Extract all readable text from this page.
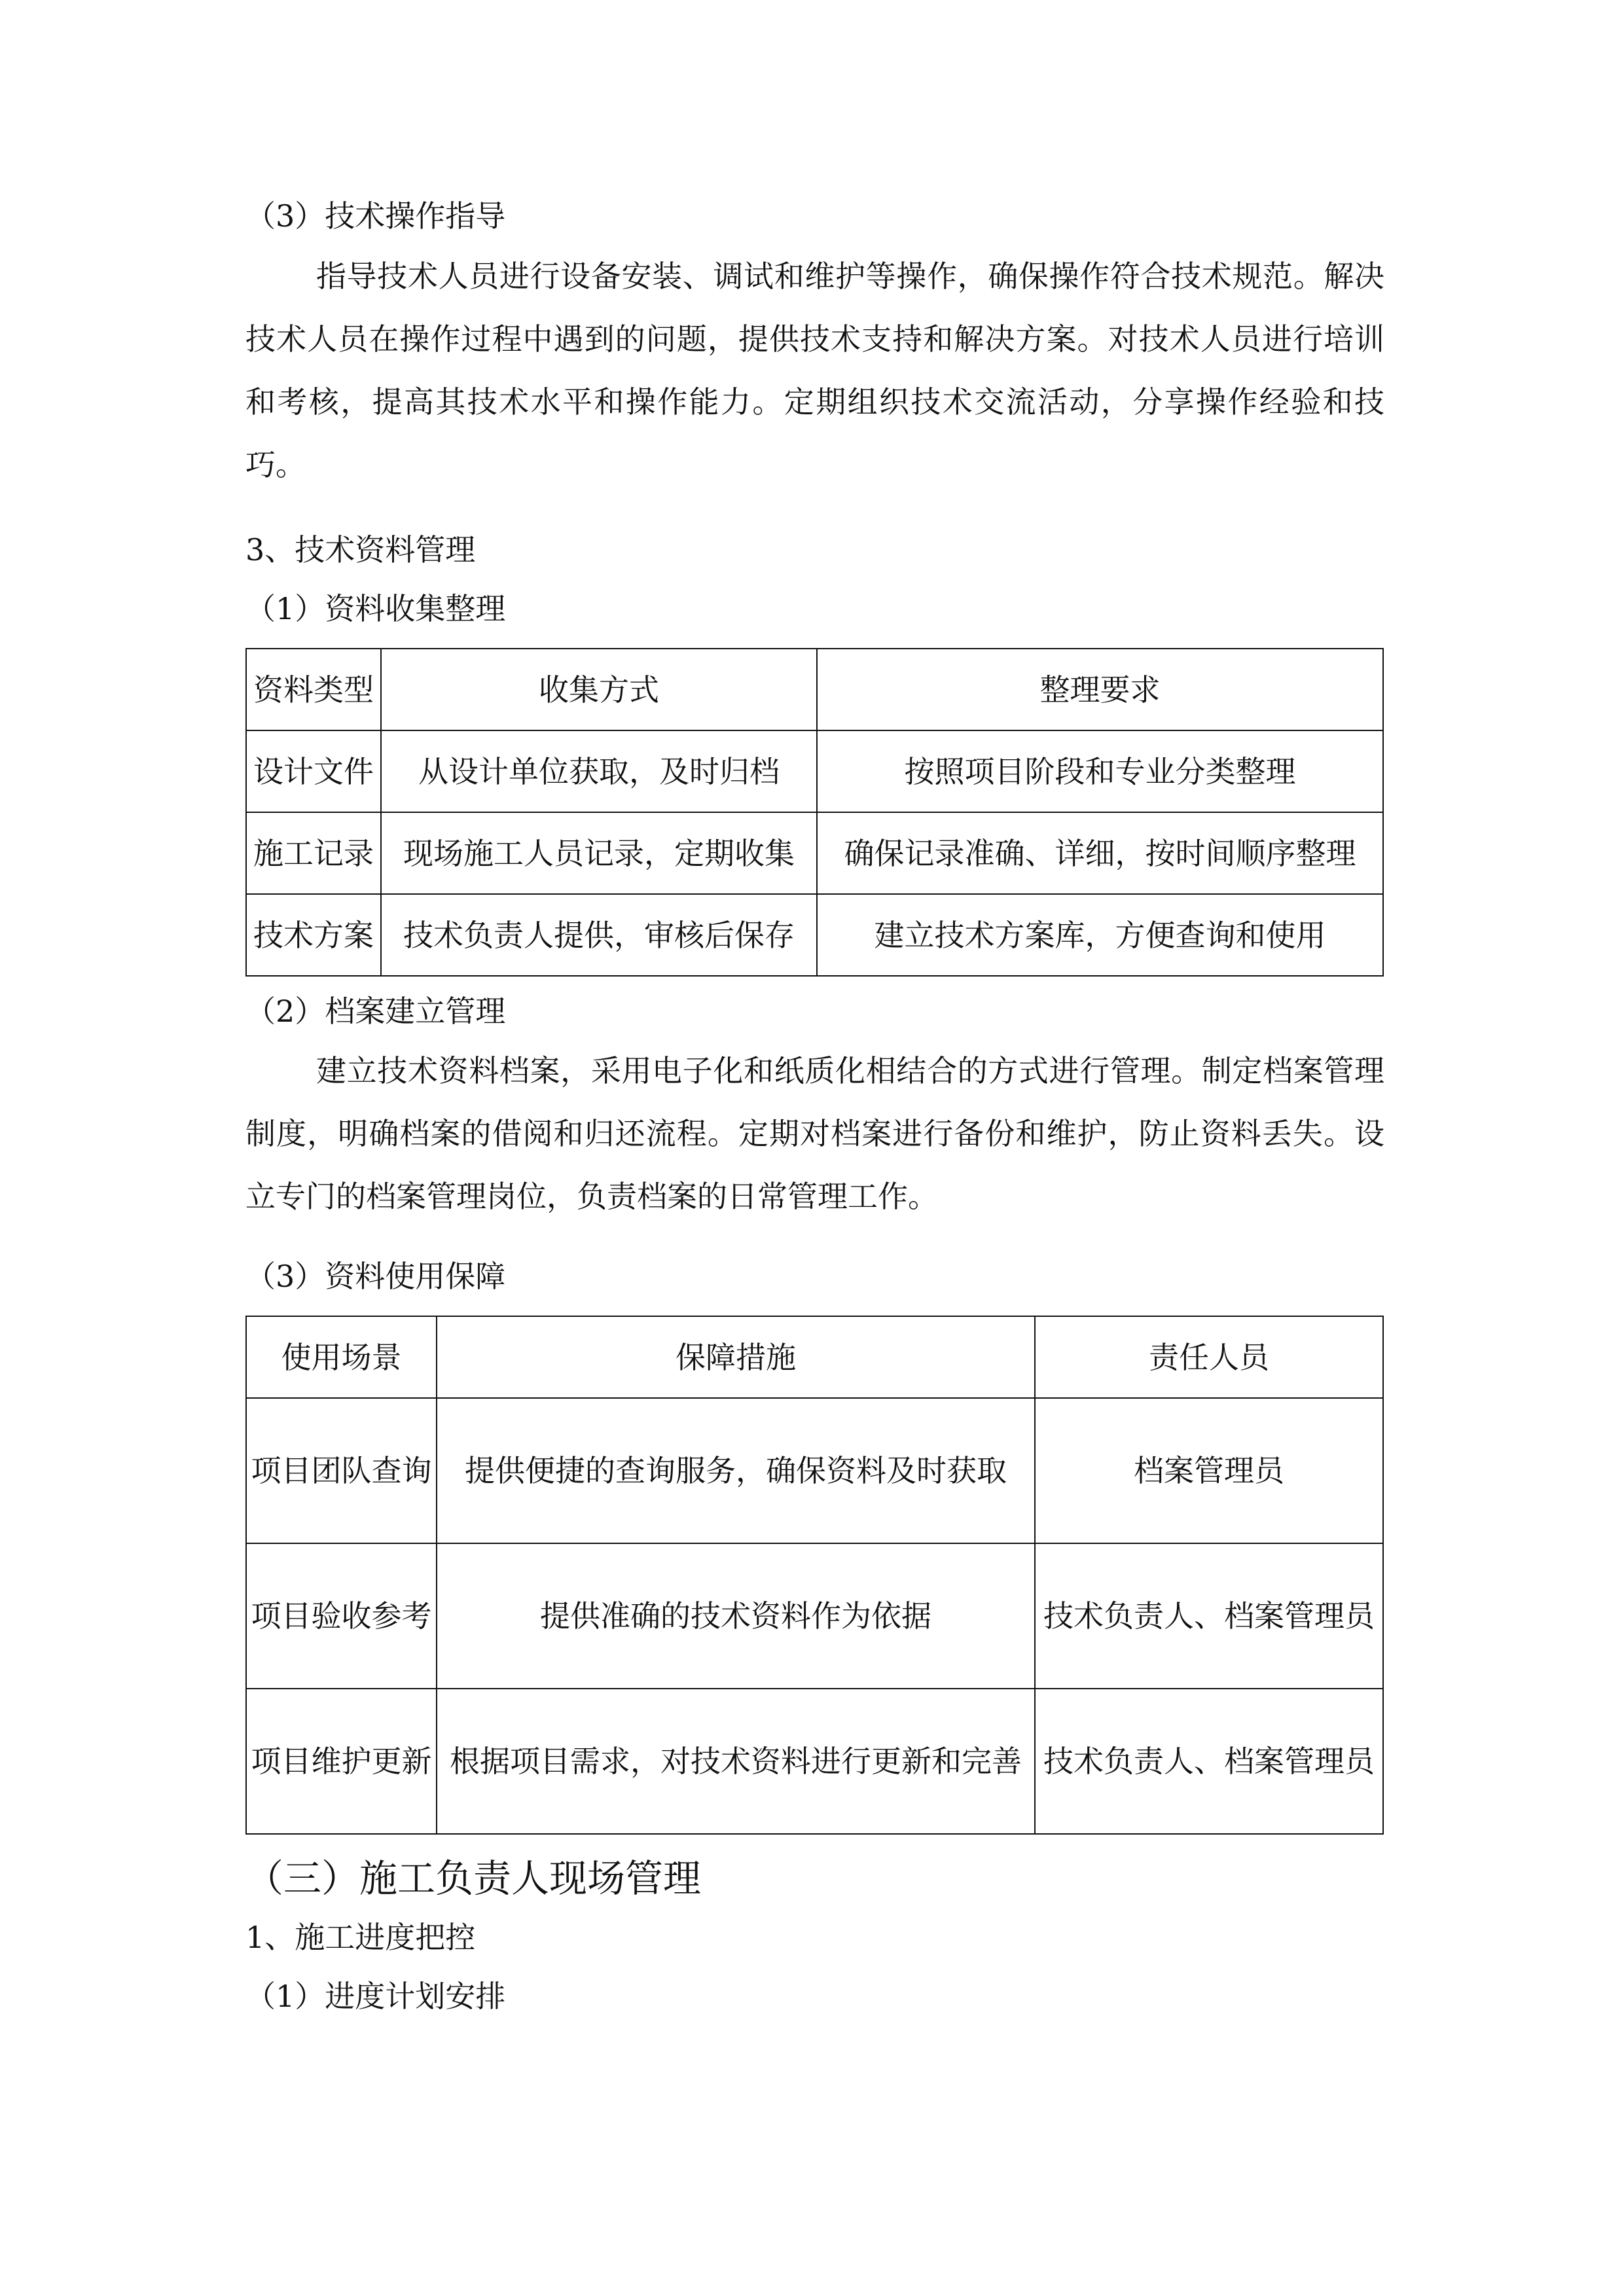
（3）技术操作指导
指导技术人员进行设备安装、调试和维护等操作，确保操作符合技术规范。解决技术人员在操作过程中遇到的问题，提供技术支持和解决方案。对技术人员进行培训和考核，提高其技术水平和操作能力。定期组织技术交流活动，分享操作经验和技巧。
3、技术资料管理
（1）资料收集整理
资料类型	收集方式	整理要求
设计文件	从设计单位获取，及时归档	按照项目阶段和专业分类整理
施工记录	现场施工人员记录，定期收集	确保记录准确、详细，按时间顺序整理
技术方案	技术负责人提供，审核后保存	建立技术方案库，方便查询和使用
（2）档案建立管理
建立技术资料档案，采用电子化和纸质化相结合的方式进行管理。制定档案管理制度，明确档案的借阅和归还流程。定期对档案进行备份和维护，防止资料丢失。设立专门的档案管理岗位，负责档案的日常管理工作。
（3）资料使用保障
使用场景	保障措施	责任人员
项目团队查询	提供便捷的查询服务，确保资料及时获取	档案管理员
项目验收参考	提供准确的技术资料作为依据	技术负责人、档案管理员
项目维护更新	根据项目需求，对技术资料进行更新和完善	技术负责人、档案管理员
（三）施工负责人现场管理
1、施工进度把控
（1）进度计划安排
